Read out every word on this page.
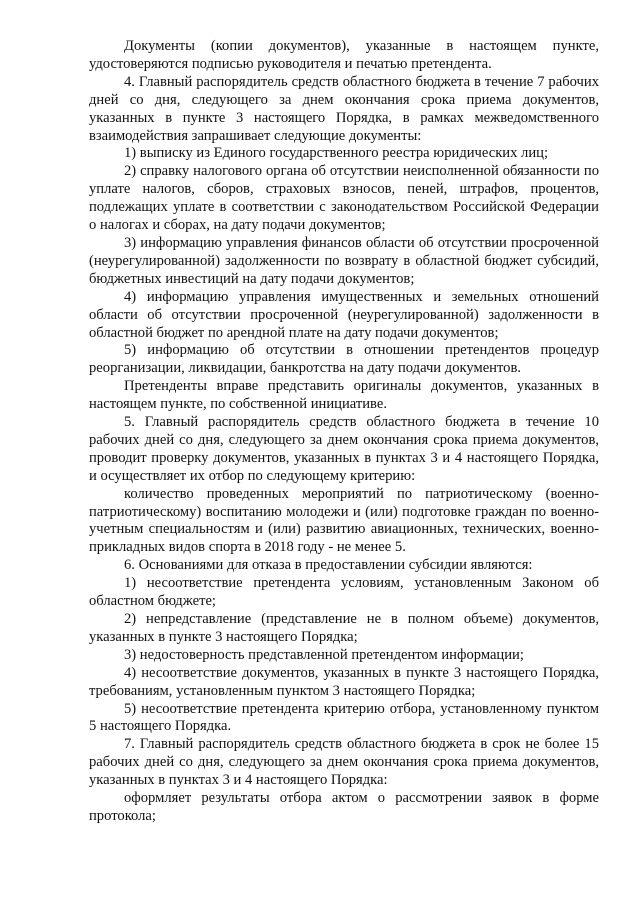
Документы (копии документов), указанные в настоящем пункте, удостоверяются подписью руководителя и печатью претендента.

4. Главный распорядитель средств областного бюджета в течение 7 рабочих дней со дня, следующего за днем окончания срока приема документов, указанных в пункте 3 настоящего Порядка, в рамках межведомственного взаимодействия запрашивает следующие документы:

1) выписку из Единого государственного реестра юридических лиц;

2) справку налогового органа об отсутствии неисполненной обязанности по уплате налогов, сборов, страховых взносов, пеней, штрафов, процентов, подлежащих уплате в соответствии с законодательством Российской Федерации о налогах и сборах, на дату подачи документов;

3) информацию управления финансов области об отсутствии просроченной (неурегулированной) задолженности по возврату в областной бюджет субсидий, бюджетных инвестиций на дату подачи документов;

4) информацию управления имущественных и земельных отношений области об отсутствии просроченной (неурегулированной) задолженности в областной бюджет по арендной плате на дату подачи документов;

5) информацию об отсутствии в отношении претендентов процедур реорганизации, ликвидации, банкротства на дату подачи документов.

Претенденты вправе представить оригиналы документов, указанных в настоящем пункте, по собственной инициативе.

5. Главный распорядитель средств областного бюджета в течение 10 рабочих дней со дня, следующего за днем окончания срока приема документов, проводит проверку документов, указанных в пунктах 3 и 4 настоящего Порядка, и осуществляет их отбор по следующему критерию:

количество проведенных мероприятий по патриотическому (военно-патриотическому) воспитанию молодежи и (или) подготовке граждан по военно-учетным специальностям и (или) развитию авиационных, технических, военно-прикладных видов спорта в 2018 году - не менее 5.

6. Основаниями для отказа в предоставлении субсидии являются:

1) несоответствие претендента условиям, установленным Законом об областном бюджете;

2) непредставление (представление не в полном объеме) документов, указанных в пункте 3 настоящего Порядка;

3) недостоверность представленной претендентом информации;

4) несоответствие документов, указанных в пункте 3 настоящего Порядка, требованиям, установленным пунктом 3 настоящего Порядка;

5) несоответствие претендента критерию отбора, установленному пунктом 5 настоящего Порядка.

7. Главный распорядитель средств областного бюджета в срок не более 15 рабочих дней со дня, следующего за днем окончания срока приема документов, указанных в пунктах 3 и 4 настоящего Порядка:

оформляет результаты отбора актом о рассмотрении заявок в форме протокола;
